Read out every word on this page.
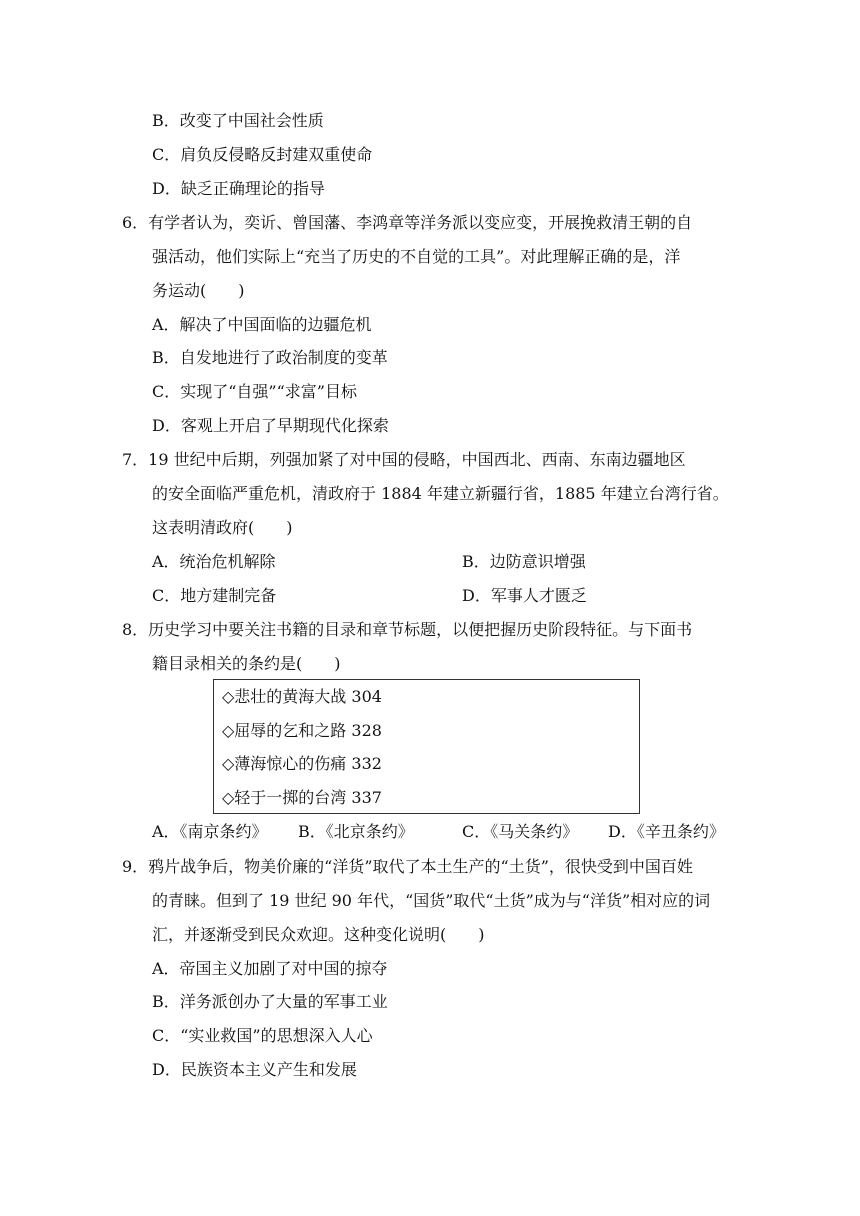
B．改变了中国社会性质
C．肩负反侵略反封建双重使命
D．缺乏正确理论的指导
6．有学者认为，奕䜣、曾国藩、李鸿章等洋务派以变应变，开展挽救清王朝的自
强活动，他们实际上“充当了历史的不自觉的工具”。对此理解正确的是，洋
务运动(　　)
A．解决了中国面临的边疆危机
B．自发地进行了政治制度的变革
C．实现了“自强”“求富”目标
D．客观上开启了早期现代化探索
7．19 世纪中后期，列强加紧了对中国的侵略，中国西北、西南、东南边疆地区
的安全面临严重危机，清政府于 1884 年建立新疆行省，1885 年建立台湾行省。
这表明清政府(　　)
A．统治危机解除	B．边防意识增强
C．地方建制完备	D．军事人才匮乏
8．历史学习中要关注书籍的目录和章节标题，以便把握历史阶段特征。与下面书
籍目录相关的条约是(　　)
◇悲壮的黄海大战 304
◇屈辱的乞和之路 328
◇薄海惊心的伤痛 332
◇轻于一掷的台湾 337
A．《南京条约》 B．《北京条约》	C．《马关条约》 D．《辛丑条约》
9．鸦片战争后，物美价廉的“洋货”取代了本土生产的“土货”，很快受到中国百姓
的青睐。但到了 19 世纪 90 年代，“国货”取代“土货”成为与“洋货”相对应的词
汇，并逐渐受到民众欢迎。这种变化说明(　　)
A．帝国主义加剧了对中国的掠夺
B．洋务派创办了大量的军事工业
C．“实业救国”的思想深入人心
D．民族资本主义产生和发展
